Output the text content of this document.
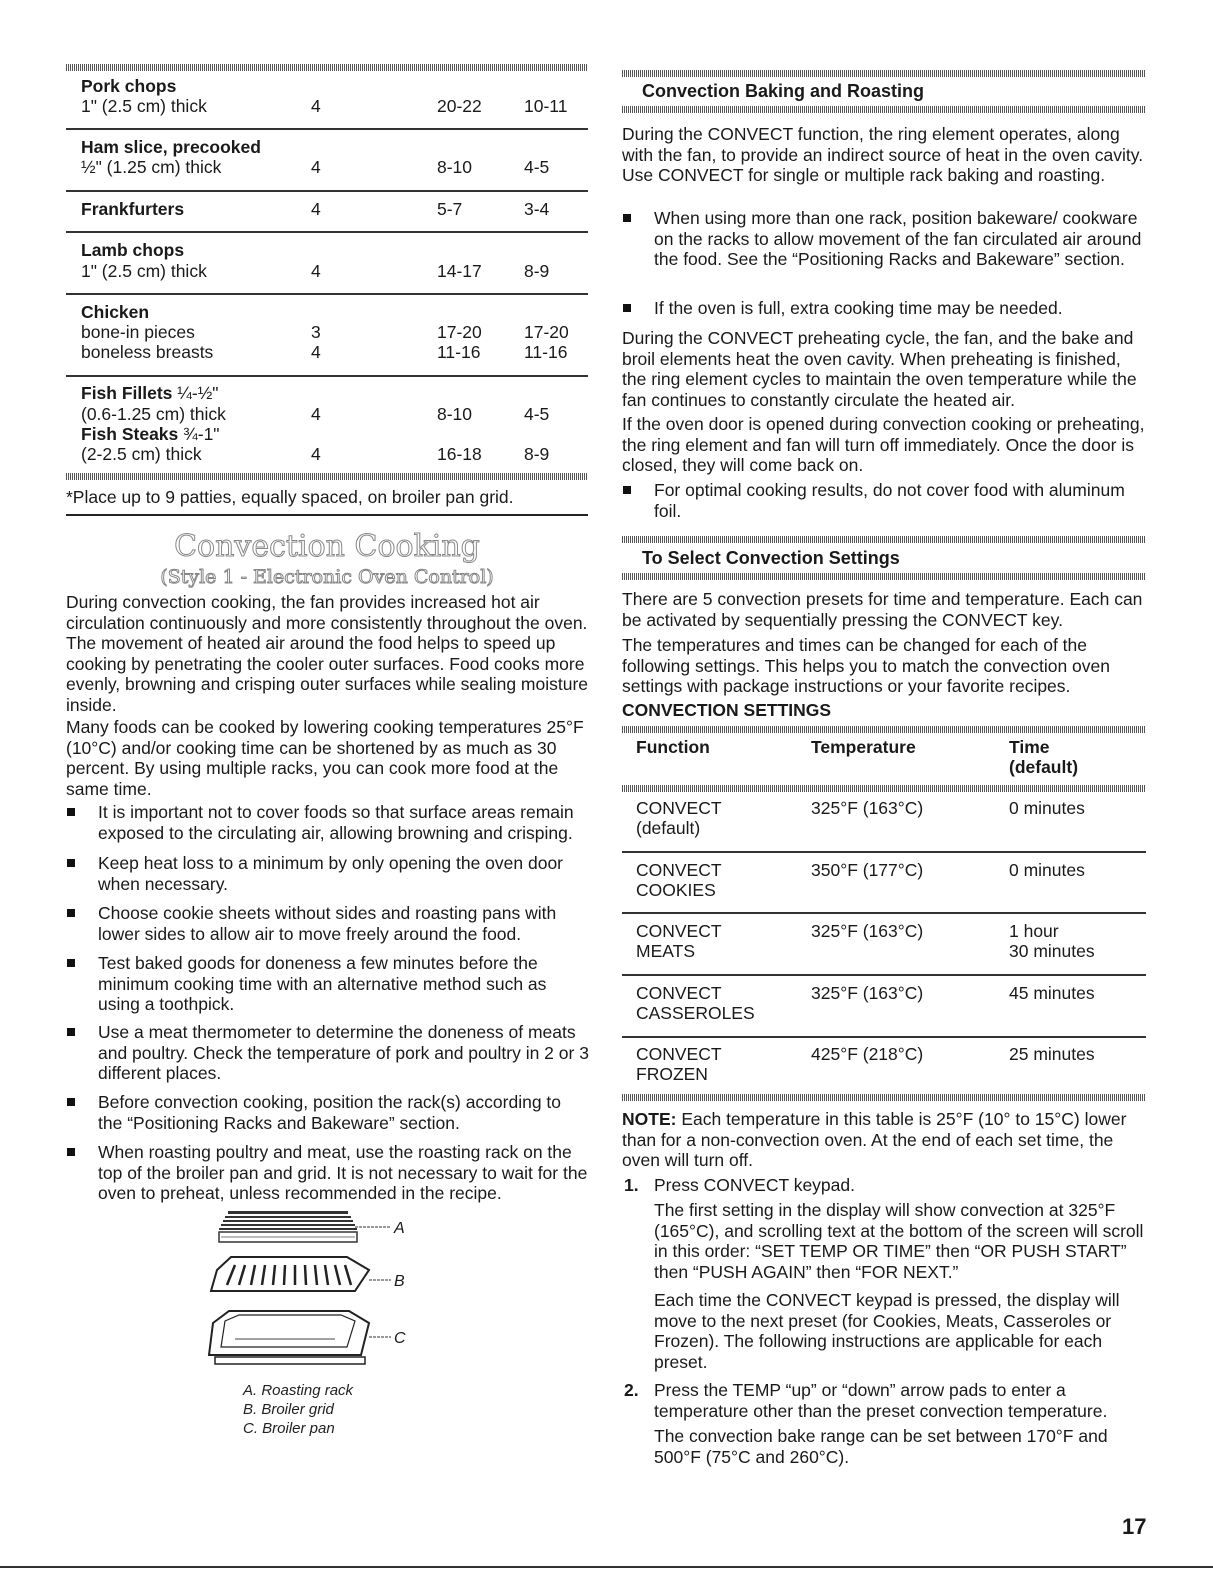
Pork chops
1" (2.5 cm) thick	4	20-22 10-11
Ham slice, precooked
½" (1.25 cm) thick	4	8-10	4-5
Frankfurters	4	5-7	3-4
Lamb chops
1" (2.5 cm) thick	4	14-17 8-9
Chicken
bone-in pieces	3	17-20 17-20
boneless breasts	4	11-16 11-16
Fish Fillets ¼-½"
(0.6-1.25 cm) thick	4	8-10	4-5
Fish Steaks ¾-1"
(2-2.5 cm) thick	4	16-18 8-9
*Place up to 9 patties, equally spaced, on broiler pan grid.
Convection Cooking
(Style 1 - Electronic Oven Control)

During convection cooking, the fan provides increased hot air circulation continuously and more consistently throughout the oven. The movement of heated air around the food helps to speed up cooking by penetrating the cooler outer surfaces. Food cooks more evenly, browning and crisping outer surfaces while sealing moisture inside.

Many foods can be cooked by lowering cooking temperatures 25°F (10°C) and/or cooking time can be shortened by as much as 30 percent. By using multiple racks, you can cook more food at the same time.

It is important not to cover foods so that surface areas remain exposed to the circulating air, allowing browning and crisping.

Keep heat loss to a minimum by only opening the oven door when necessary.

Choose cookie sheets without sides and roasting pans with lower sides to allow air to move freely around the food.

Test baked goods for doneness a few minutes before the minimum cooking time with an alternative method such as using a toothpick.

Use a meat thermometer to determine the doneness of meats and poultry. Check the temperature of pork and poultry in 2 or 3 different places.

Before convection cooking, position the rack(s) according to the “Positioning Racks and Bakeware” section.

When roasting poultry and meat, use the roasting rack on the top of the broiler pan and grid. It is not necessary to wait for the oven to preheat, unless recommended in the recipe.

A
B
C
A. Roasting rack
B. Broiler grid
C. Broiler pan
Convection Baking and Roasting

During the CONVECT function, the ring element operates, along with the fan, to provide an indirect source of heat in the oven cavity. Use CONVECT for single or multiple rack baking and roasting.

When using more than one rack, position bakeware/ cookware on the racks to allow movement of the fan circulated air around the food. See the “Positioning Racks and Bakeware” section.

If the oven is full, extra cooking time may be needed.

During the CONVECT preheating cycle, the fan, and the bake and broil elements heat the oven cavity. When preheating is finished, the ring element cycles to maintain the oven temperature while the fan continues to constantly circulate the heated air.

If the oven door is opened during convection cooking or preheating, the ring element and fan will turn off immediately. Once the door is closed, they will come back on.

For optimal cooking results, do not cover food with aluminum foil.

To Select Convection Settings

There are 5 convection presets for time and temperature. Each can be activated by sequentially pressing the CONVECT key.

The temperatures and times can be changed for each of the following settings. This helps you to match the convection oven settings with package instructions or your favorite recipes.

CONVECTION SETTINGS
Function	Temperature	Time
(default)
CONVECT
(default)
325°F (163°C)	0 minutes
CONVECT
COOKIES
350°F (177°C)	0 minutes
CONVECT
MEATS
325°F (163°C)	1 hour
30 minutes
CONVECT
CASSEROLES
325°F (163°C)	45 minutes
CONVECT
FROZEN
425°F (218°C)	25 minutes

NOTE: Each temperature in this table is 25°F (10° to 15°C) lower than for a non-convection oven. At the end of each set time, the oven will turn off.

1. Press CONVECT keypad.

The first setting in the display will show convection at 325°F (165°C), and scrolling text at the bottom of the screen will scroll in this order: “SET TEMP OR TIME” then “OR PUSH START” then “PUSH AGAIN” then “FOR NEXT.”

Each time the CONVECT keypad is pressed, the display will move to the next preset (for Cookies, Meats, Casseroles or Frozen). The following instructions are applicable for each preset.

2. Press the TEMP “up” or “down” arrow pads to enter a temperature other than the preset convection temperature.

The convection bake range can be set between 170°F and 500°F (75°C and 260°C).

17
